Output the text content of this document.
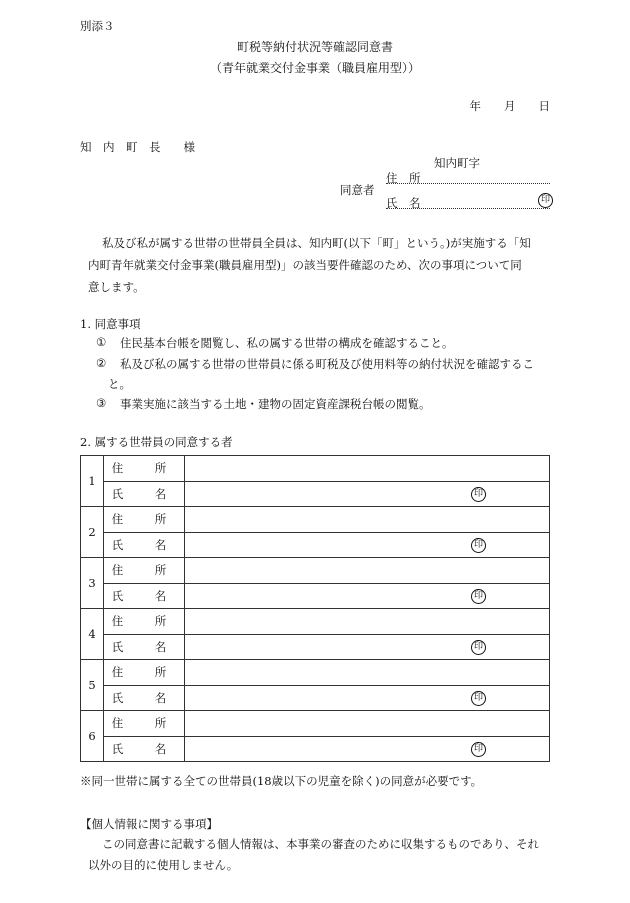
別添３
町税等納付状況等確認同意書
（青年就業交付金事業（職員雇用型））
年　　月　　日
知　内　町　長　　様
知内町字
住　所
同意者
氏　名	印
私及び私が属する世帯の世帯員全員は、知内町(以下「町」という。)が実施する「知
内町青年就業交付金事業(職員雇用型)」の該当要件確認のため、次の事項について同
意します。
1. 同意事項
① 住民基本台帳を閲覧し、私の属する世帯の構成を確認すること。
② 私及び私の属する世帯の世帯員に係る町税及び使用料等の納付状況を確認するこ
と。
③ 事業実施に該当する土地・建物の固定資産課税台帳の閲覧。
2. 属する世帯員の同意する者
1	住　所	
	氏　名	印

2	住　所	
	氏　名	印

3	住　所	
	氏　名	印

4	住　所	
	氏　名	印

5	住　所	
	氏　名	印

6	住　所	
	氏　名	印
※同一世帯に属する全ての世帯員(18歳以下の児童を除く)の同意が必要です。
【個人情報に関する事項】
この同意書に記載する個人情報は、本事業の審査のために収集するものであり、それ
以外の目的に使用しません。
